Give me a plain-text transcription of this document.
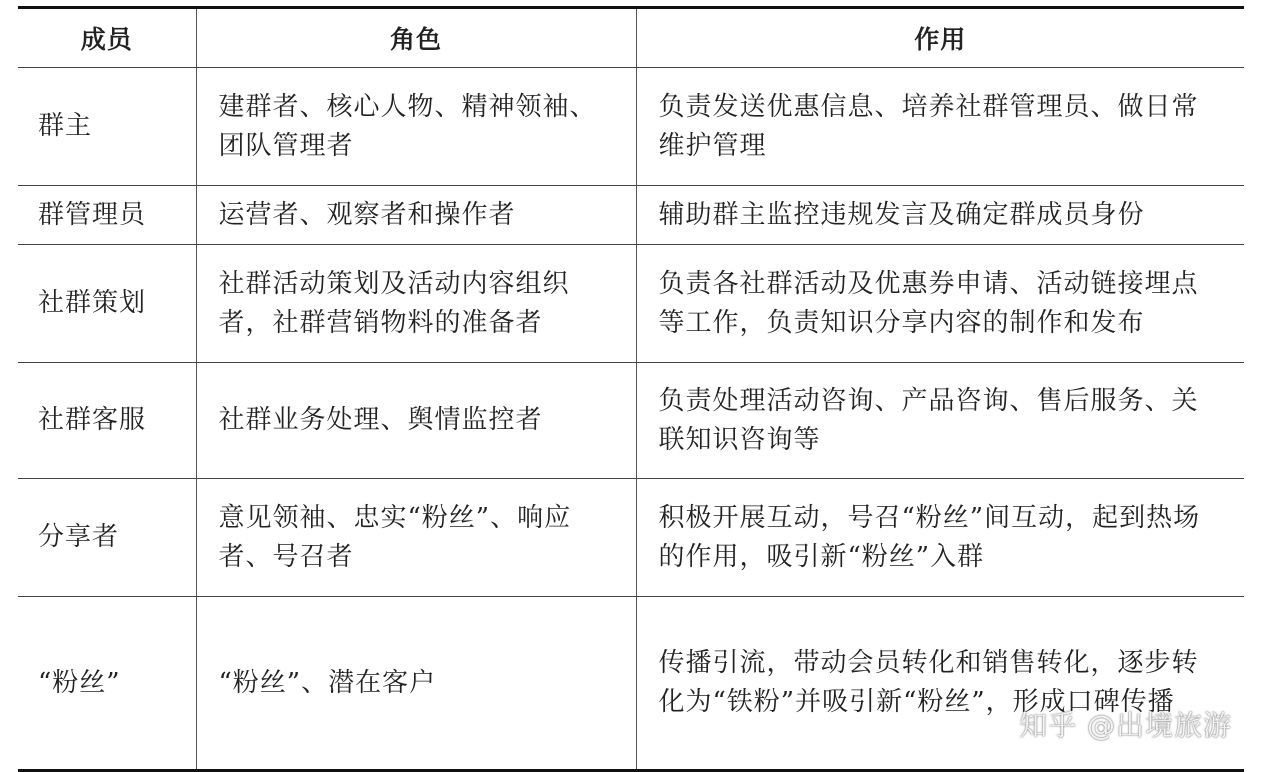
成员	角色	作用

群主	建群者、核心人物、精神领袖、团队管理者	负责发送优惠信息、培养社群管理员、做日常维护管理

群管理员	运营者、观察者和操作者	辅助群主监控违规发言及确定群成员身份

社群策划	社群活动策划及活动内容组织者，社群营销物料的准备者	负责各社群活动及优惠券申请、活动链接埋点等工作，负责知识分享内容的制作和发布

社群客服	社群业务处理、舆情监控者	负责处理活动咨询、产品咨询、售后服务、关联知识咨询等

分享者	意见领袖、忠实“粉丝”、响应者、号召者	积极开展互动，号召“粉丝”间互动，起到热场的作用，吸引新“粉丝”入群

“粉丝”	“粉丝”、潜在客户	传播引流，带动会员转化和销售转化，逐步转化为“铁粉”并吸引新“粉丝”，形成口碑传播
知乎 @出境旅游
